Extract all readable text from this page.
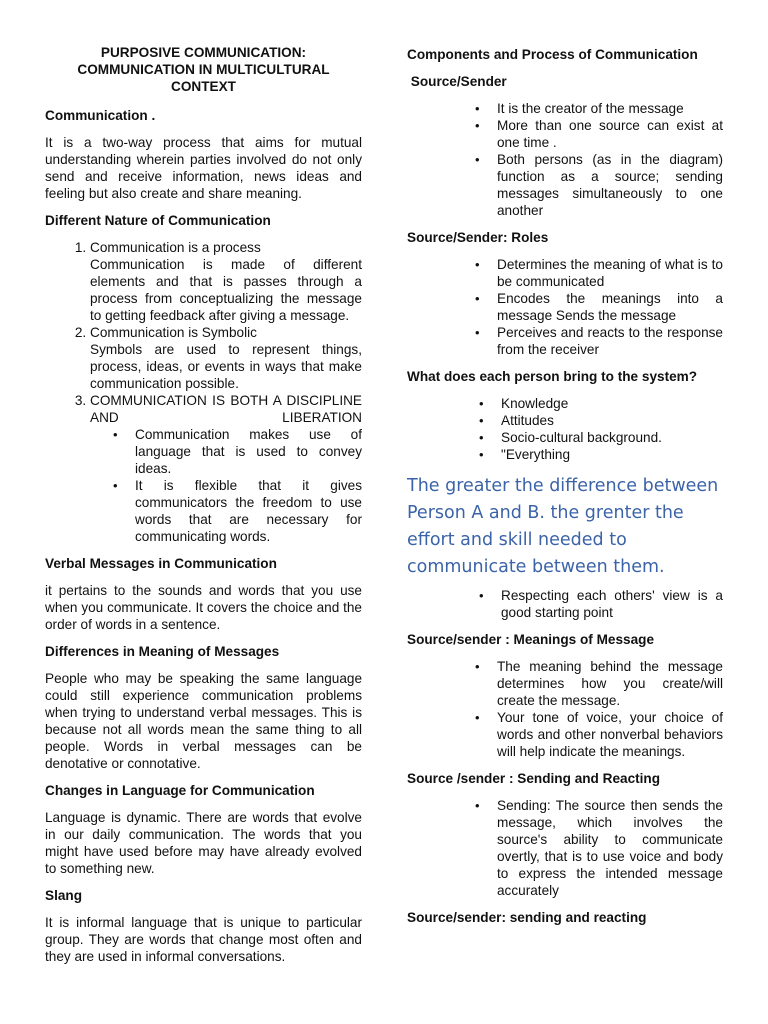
PURPOSIVE COMMUNICATION:
COMMUNICATION IN MULTICULTURAL
CONTEXT
Communication .

It is a two-way process that aims for mutual understanding wherein parties involved do not only send and receive information, news ideas and feeling but also create and share meaning.

Different Nature of Communication
1. Communication is a process
Communication is made of different elements and that is passes through a process from conceptualizing the message to getting feedback after giving a message.
2. Communication is Symbolic
Symbols are used to represent things, process, ideas, or events in ways that make communication possible.
3. COMMUNICATION IS BOTH A DISCIPLINE AND LIBERATION
• Communication makes use of language that is used to convey ideas.
• It is flexible that it gives communicators the freedom to use words that are necessary for communicating words.
Verbal Messages in Communication

it pertains to the sounds and words that you use when you communicate. It covers the choice and the order of words in a sentence.

Differences in Meaning of Messages

People who may be speaking the same language could still experience communication problems when trying to understand verbal messages. This is because not all words mean the same thing to all people. Words in verbal messages can be denotative or connotative.

Changes in Language for Communication

Language is dynamic. There are words that evolve in our daily communication. The words that you might have used before may have already evolved to something new.

Slang

It is informal language that is unique to particular group. They are words that change most often and they are used in informal conversations.

Components and Process of Communication
Source/Sender
• It is the creator of the message
• More than one source can exist at one time .
• Both persons (as in the diagram) function as a source; sending messages simultaneously to one another
Source/Sender: Roles
• Determines the meaning of what is to be communicated
• Encodes the meanings into a message Sends the message
• Perceives and reacts to the response from the receiver
What does each person bring to the system?
• Knowledge
• Attitudes
• Socio-cultural background.
• "Everything
The greater the difference between Person A and B. the grenter the effort and skill needed to communicate between them.
• Respecting each others' view is a good starting point
Source/sender : Meanings of Message
• The meaning behind the message determines how you create/will create the message.
• Your tone of voice, your choice of words and other nonverbal behaviors will help indicate the meanings.
Source /sender : Sending and Reacting
• Sending: The source then sends the message, which involves the source's ability to communicate overtly, that is to use voice and body to express the intended message accurately
Source/sender: sending and reacting
